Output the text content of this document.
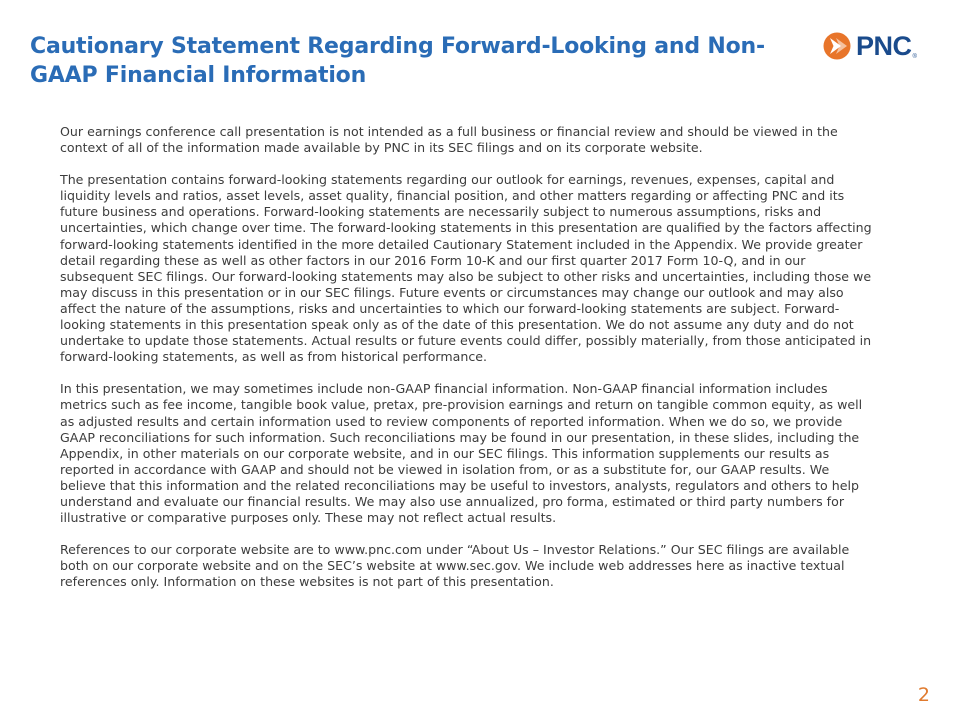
Cautionary Statement Regarding Forward-Looking and Non-GAAP Financial Information
PNC ®

Our earnings conference call presentation is not intended as a full business or financial review and should be viewed in the context of all of the information made available by PNC in its SEC filings and on its corporate website.

The presentation contains forward-looking statements regarding our outlook for earnings, revenues, expenses, capital and liquidity levels and ratios, asset levels, asset quality, financial position, and other matters regarding or affecting PNC and its future business and operations. Forward-looking statements are necessarily subject to numerous assumptions, risks and uncertainties, which change over time. The forward-looking statements in this presentation are qualified by the factors affecting forward-looking statements identified in the more detailed Cautionary Statement included in the Appendix. We provide greater detail regarding these as well as other factors in our 2016 Form 10-K and our first quarter 2017 Form 10-Q, and in our subsequent SEC filings. Our forward-looking statements may also be subject to other risks and uncertainties, including those we may discuss in this presentation or in our SEC filings. Future events or circumstances may change our outlook and may also affect the nature of the assumptions, risks and uncertainties to which our forward-looking statements are subject. Forward-looking statements in this presentation speak only as of the date of this presentation. We do not assume any duty and do not undertake to update those statements. Actual results or future events could differ, possibly materially, from those anticipated in forward-looking statements, as well as from historical performance.

In this presentation, we may sometimes include non-GAAP financial information. Non-GAAP financial information includes metrics such as fee income, tangible book value, pretax, pre-provision earnings and return on tangible common equity, as well as adjusted results and certain information used to review components of reported information. When we do so, we provide GAAP reconciliations for such information. Such reconciliations may be found in our presentation, in these slides, including the Appendix, in other materials on our corporate website, and in our SEC filings. This information supplements our results as reported in accordance with GAAP and should not be viewed in isolation from, or as a substitute for, our GAAP results. We believe that this information and the related reconciliations may be useful to investors, analysts, regulators and others to help understand and evaluate our financial results. We may also use annualized, pro forma, estimated or third party numbers for illustrative or comparative purposes only. These may not reflect actual results.

References to our corporate website are to www.pnc.com under “About Us – Investor Relations.” Our SEC filings are available both on our corporate website and on the SEC’s website at www.sec.gov. We include web addresses here as inactive textual references only. Information on these websites is not part of this presentation.

2
